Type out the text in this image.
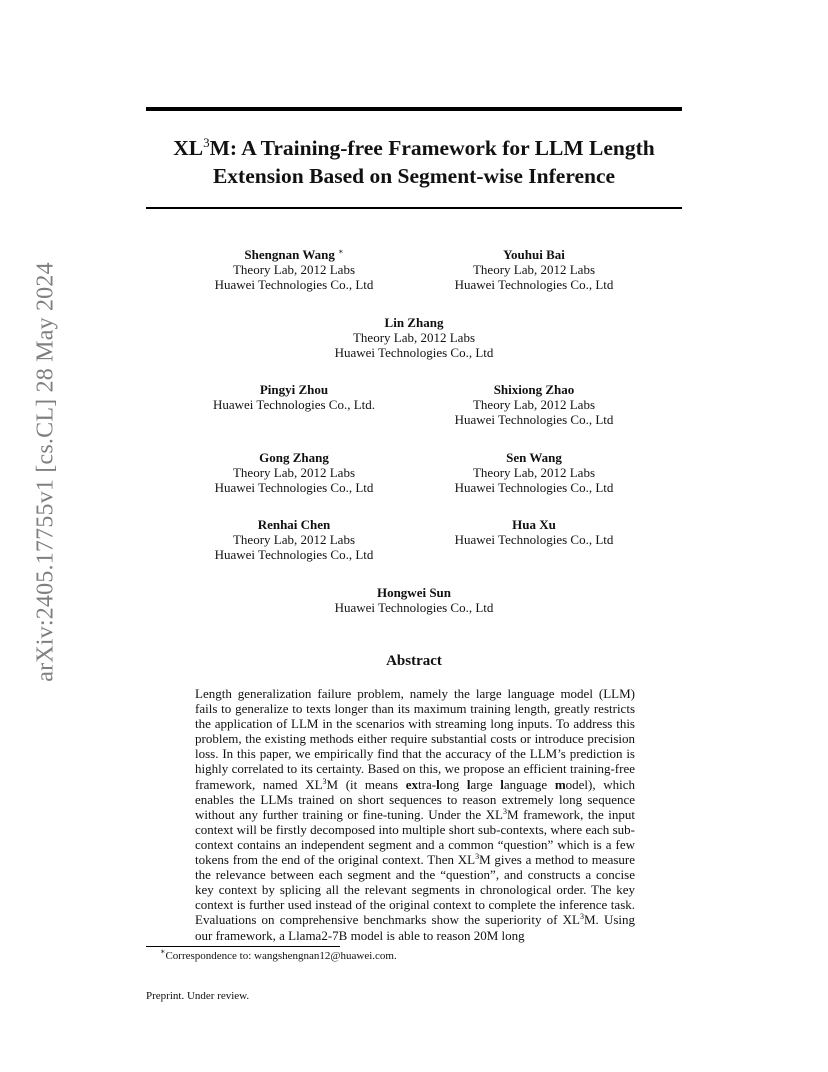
arXiv:2405.17755v1 [cs.CL] 28 May 2024
$XL^3M$: A Training-free Framework for LLM Length Extension Based on Segment-wise Inference
Shengnan Wang ∗
Theory Lab, 2012 Labs
Huawei Technologies Co., Ltd
Youhui Bai
Theory Lab, 2012 Labs
Huawei Technologies Co., Ltd
Lin Zhang
Theory Lab, 2012 Labs
Huawei Technologies Co., Ltd
Pingyi Zhou
Huawei Technologies Co., Ltd.
Shixiong Zhao
Theory Lab, 2012 Labs
Huawei Technologies Co., Ltd
Gong Zhang
Theory Lab, 2012 Labs
Huawei Technologies Co., Ltd
Sen Wang
Theory Lab, 2012 Labs
Huawei Technologies Co., Ltd
Renhai Chen
Theory Lab, 2012 Labs
Huawei Technologies Co., Ltd
Hua Xu
Huawei Technologies Co., Ltd
Hongwei Sun
Huawei Technologies Co., Ltd
Abstract
Length generalization failure problem, namely the large language model (LLM) fails to generalize to texts longer than its maximum training length, greatly restricts the application of LLM in the scenarios with streaming long inputs. To address this problem, the existing methods either require substantial costs or introduce precision loss. In this paper, we empirically find that the accuracy of the LLM’s prediction is highly correlated to its certainty. Based on this, we propose an efficient training-free framework, named $XL^3M$ (it means extra-long large language model), which enables the LLMs trained on short sequences to reason extremely long sequence without any further training or fine-tuning. Under the $XL^3M$ framework, the input context will be firstly decomposed into multiple short sub-contexts, where each sub-context contains an independent segment and a common “question” which is a few tokens from the end of the original context. Then $XL^3M$ gives a method to measure the relevance between each segment and the “question”, and constructs a concise key context by splicing all the relevant segments in chronological order. The key context is further used instead of the original context to complete the inference task. Evaluations on comprehensive benchmarks show the superiority of $XL^3M$. Using our framework, a Llama2-7B model is able to reason 20M long
∗Correspondence to: wangshengnan12@huawei.com.
Preprint. Under review.
